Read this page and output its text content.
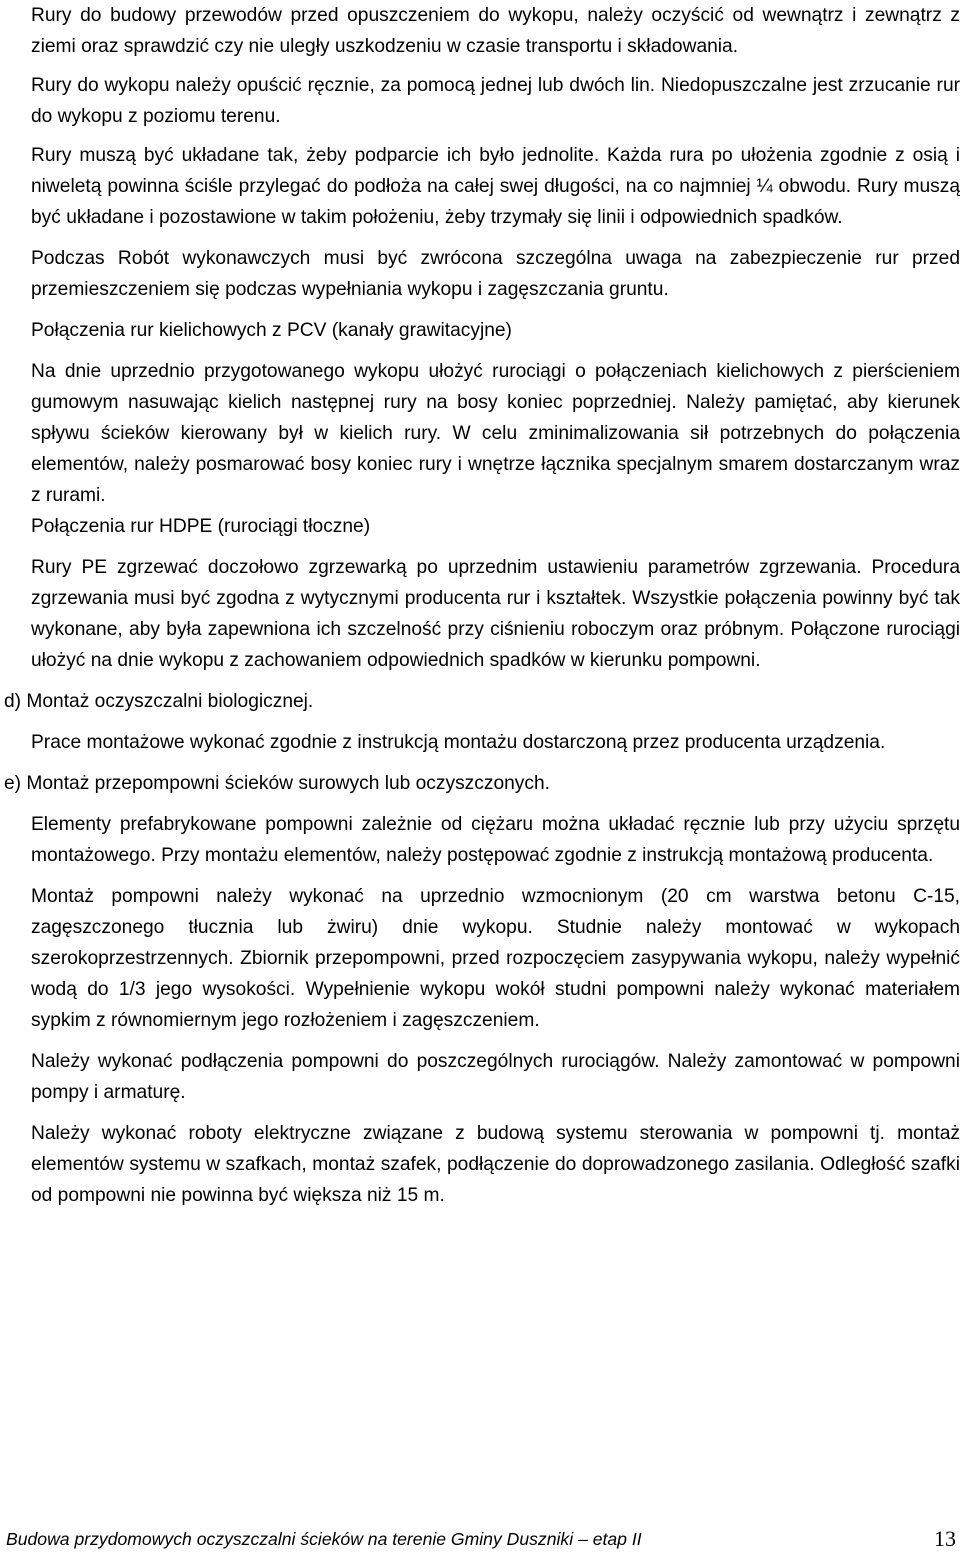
Rury do budowy przewodów przed opuszczeniem do wykopu, należy oczyścić od wewnątrz i zewnątrz z ziemi oraz sprawdzić czy nie uległy uszkodzeniu w czasie transportu i składowania.

Rury do wykopu należy opuścić ręcznie, za pomocą jednej lub dwóch lin. Niedopuszczalne jest zrzucanie rur do wykopu z poziomu terenu.

Rury muszą być układane tak, żeby podparcie ich było jednolite. Każda rura po ułożenia zgodnie z osią i niweletą powinna ściśle przylegać do podłoża na całej swej długości, na co najmniej ¼ obwodu. Rury muszą być układane i pozostawione w takim położeniu, żeby trzymały się linii i odpowiednich spadków.

Podczas Robót wykonawczych musi być zwrócona szczególna uwaga na zabezpieczenie rur przed przemieszczeniem się podczas wypełniania wykopu i zagęszczania gruntu.

Połączenia rur kielichowych z PCV (kanały grawitacyjne)

Na dnie uprzednio przygotowanego wykopu ułożyć rurociągi o połączeniach kielichowych z pierścieniem gumowym nasuwając kielich następnej rury na bosy koniec poprzedniej. Należy pamiętać, aby kierunek spływu ścieków kierowany był w kielich rury. W celu zminimalizowania sił potrzebnych do połączenia elementów, należy posmarować bosy koniec rury i wnętrze łącznika specjalnym smarem dostarczanym wraz z rurami.

Połączenia rur HDPE (rurociągi tłoczne)

Rury PE zgrzewać doczołowo zgrzewarką po uprzednim ustawieniu parametrów zgrzewania. Procedura zgrzewania musi być zgodna z wytycznymi producenta rur i kształtek. Wszystkie połączenia powinny być tak wykonane, aby była zapewniona ich szczelność przy ciśnieniu roboczym oraz próbnym. Połączone rurociągi ułożyć na dnie wykopu z zachowaniem odpowiednich spadków w kierunku pompowni.

d) Montaż oczyszczalni biologicznej.

Prace montażowe wykonać zgodnie z instrukcją montażu dostarczoną przez producenta urządzenia.

e) Montaż przepompowni ścieków surowych lub oczyszczonych.

Elementy prefabrykowane pompowni zależnie od ciężaru można układać ręcznie lub przy użyciu sprzętu montażowego. Przy montażu elementów, należy postępować zgodnie z instrukcją montażową producenta.

Montaż pompowni należy wykonać na uprzednio wzmocnionym (20 cm warstwa betonu C-15, zagęszczonego tłucznia lub żwiru) dnie wykopu. Studnie należy montować w wykopach szerokoprzestrzennych. Zbiornik przepompowni, przed rozpoczęciem zasypywania wykopu, należy wypełnić wodą do 1/3 jego wysokości. Wypełnienie wykopu wokół studni pompowni należy wykonać materiałem sypkim z równomiernym jego rozłożeniem i zagęszczeniem.

Należy wykonać podłączenia pompowni do poszczególnych rurociągów. Należy zamontować w pompowni pompy i armaturę.

Należy wykonać roboty elektryczne związane z budową systemu sterowania w pompowni tj. montaż elementów systemu w szafkach, montaż szafek, podłączenie do doprowadzonego zasilania. Odległość szafki od pompowni nie powinna być większa niż 15 m.

Budowa przydomowych oczyszczalni ścieków na terenie Gminy Duszniki – etap II	13
